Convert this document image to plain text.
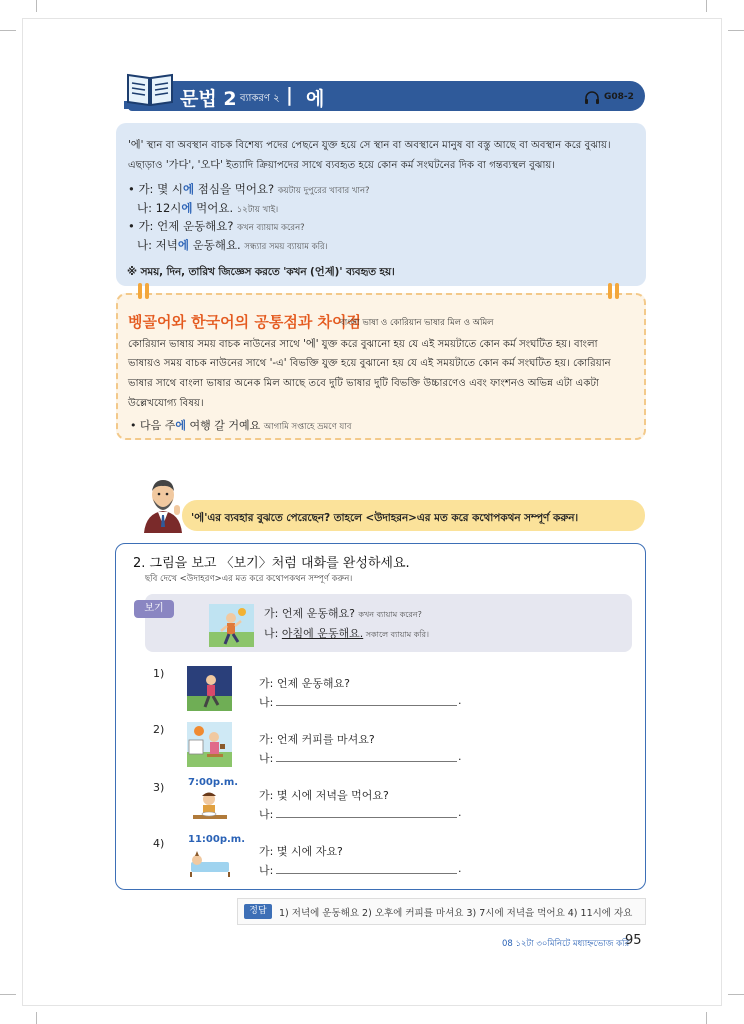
문법 2 ব্যাকরণ ২ | 에	G08-2
'에' স্থান বা অবস্থান বাচক বিশেষ্য পদের পেছনে যুক্ত হয়ে সে স্থান বা অবস্থানে মানুষ বা বস্তু আছে বা অবস্থান করে বুঝায়।
এছাড়াও '가다', '오다' ইত্যাদি ক্রিয়াপদের সাথে ব্যবহৃত হয়ে কোন কর্ম সংঘটনের দিক বা গন্তব্যস্থল বুঝায়।
• 가: 몇 시에 점심을 먹어요? কয়টায় দুপুরের খাবার খান?
나: 12시에 먹어요. ১২টায় খাই।
• 가: 언제 운동해요? কখন ব্যায়াম করেন?
나: 저녁에 운동해요. সন্ধ্যার সময় ব্যায়াম করি।
※ সময়, দিন, তারিখ জিজ্ঞেস করতে 'কখন (언제)' ব্যবহৃত হয়।
벵골어와 한국어의 공통점과 차이점
বাংলা ভাষা ও কোরিয়ান ভাষার মিল ও অমিল
কোরিয়ান ভাষায় সময় বাচক নাউনের সাথে '에' যুক্ত করে বুঝানো হয় যে এই সময়টাতে কোন কর্ম সংঘটিত হয়। বাংলা
ভাষায়ও সময় বাচক নাউনের সাথে '-এ' বিভক্তি যুক্ত হয়ে বুঝানো হয় যে এই সময়টাতে কোন কর্ম সংঘটিত হয়। কোরিয়ান
ভাষার সাথে বাংলা ভাষার অনেক মিল আছে তবে দুটি ভাষার দুটি বিভক্তি উচ্চারণেও এবং ফাংশনও অভিন্ন এটা একটা
উল্লেখযোগ্য বিষয়।
• 다음 주에 여행 갈 거예요 আগামি সপ্তাহে ভ্রমণে যাব
'에'এর ব্যবহার বুঝতে পেরেছেন? তাহলে <উদাহরন>এর মত করে কথোপকথন সম্পূর্ণ করুন।
2. 그림을 보고 〈보기〉처럼 대화를 완성하세요.
ছবি দেখে <উদাহরণ>এর মত করে কথোপকথন সম্পূর্ণ করুন।
보기	가: 언제 운동해요? কখন ব্যায়াম করেন?
나: 아침에 운동해요. সকালে ব্যায়াম করি।
1)
가: 언제 운동해요?
나:	.
2)
가: 언제 커피를 마셔요?
나:	.
3) 7:00p.m.
가: 몇 시에 저녁을 먹어요?
나:	.
4) 11:00p.m.
가: 몇 시에 자요?
나:	.
정답	1) 저녁에 운동해요 2) 오후에 커피를 마셔요 3) 7시에 저녁을 먹어요 4) 11시에 자요
08 ১২টা ৩০মিনিটে মধ্যাহ্নভোজ করি
95
